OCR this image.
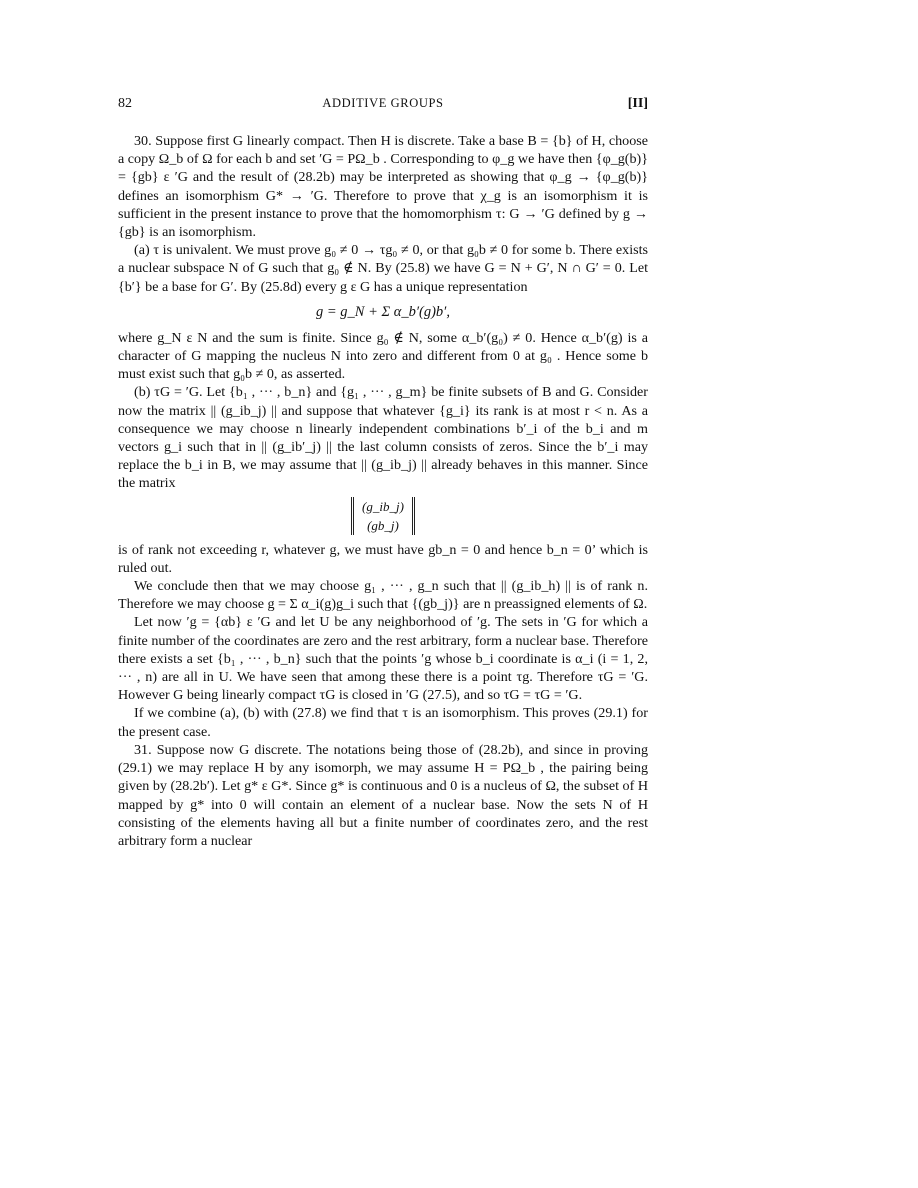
82	ADDITIVE GROUPS	[II]

30. Suppose first G linearly compact. Then H is discrete. Take a base B = {b} of H, choose a copy Ω_b of Ω for each b and set ′G = PΩ_b . Corresponding to φ_g we have then {φ_g(b)} = {gb} ε ′G and the result of (28.2b) may be interpreted as showing that φ_g → {φ_g(b)} defines an isomorphism G* → ′G. Therefore to prove that χ_g is an isomorphism it is sufficient in the present instance to prove that the homomorphism τ: G → ′G defined by g → {gb} is an isomorphism.

(a) τ is univalent. We must prove g₀ ≠ 0 → τg₀ ≠ 0, or that g₀b ≠ 0 for some b. There exists a nuclear subspace N of G such that g₀ ∉ N. By (25.8) we have G = N + G′, N ∩ G′ = 0. Let {b′} be a base for G′. By (25.8d) every g ε G has a unique representation

g = g_N + Σ α_b′(g)b′,

where g_N ε N and the sum is finite. Since g₀ ∉ N, some α_b′(g₀) ≠ 0. Hence α_b′(g) is a character of G mapping the nucleus N into zero and different from 0 at g₀ . Hence some b must exist such that g₀b ≠ 0, as asserted.

(b) τG = ′G. Let {b₁ , ··· , b_n} and {g₁ , ··· , g_m} be finite subsets of B and G. Consider now the matrix || (g_ib_j) || and suppose that whatever {g_i} its rank is at most r < n. As a consequence we may choose n linearly independent combinations b′_i of the b_i and m vectors g_i such that in || (g_ib′_j) || the last column consists of zeros. Since the b′_i may replace the b_i in B, we may assume that || (g_ib_j) || already behaves in this manner. Since the matrix

(g_ib_j)
(gb_j)

is of rank not exceeding r, whatever g, we must have gb_n = 0 and hence b_n = 0’ which is ruled out.

We conclude then that we may choose g₁ , ··· , g_n such that || (g_ib_h) || is of rank n. Therefore we may choose g = Σ α_i(g)g_i such that {(gb_j)} are n preassigned elements of Ω.

Let now ′g = {αb} ε ′G and let U be any neighborhood of ′g. The sets in ′G for which a finite number of the coordinates are zero and the rest arbitrary, form a nuclear base. Therefore there exists a set {b₁ , ··· , b_n} such that the points ′g whose b_i coordinate is α_i (i = 1, 2, ··· , n) are all in U. We have seen that among these there is a point τg. Therefore τG = ′G. However G being linearly compact τG is closed in ′G (27.5), and so τG = τG = ′G.

If we combine (a), (b) with (27.8) we find that τ is an isomorphism. This proves (29.1) for the present case.

31. Suppose now G discrete. The notations being those of (28.2b), and since in proving (29.1) we may replace H by any isomorph, we may assume H = PΩ_b , the pairing being given by (28.2b′). Let g* ε G*. Since g* is continuous and 0 is a nucleus of Ω, the subset of H mapped by g* into 0 will contain an element of a nuclear base. Now the sets N of H consisting of the elements having all but a finite number of coordinates zero, and the rest arbitrary form a nuclear
